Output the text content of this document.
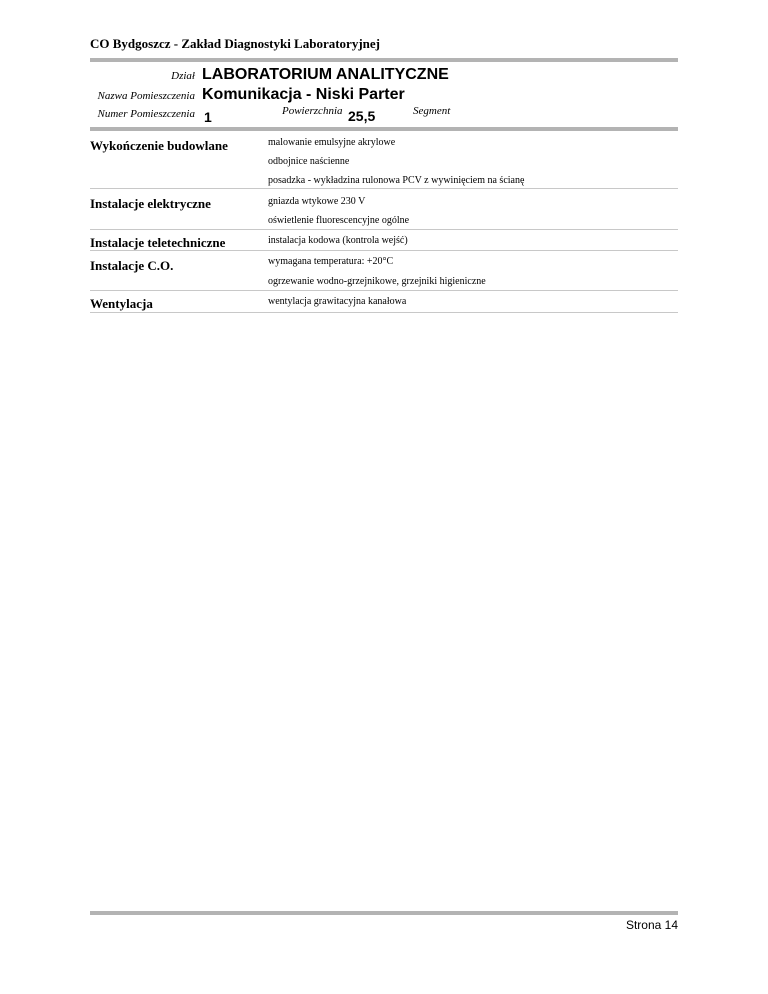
CO Bydgoszcz - Zakład Diagnostyki Laboratoryjnej
Dział LABORATORIUM ANALITYCZNE
Nazwa Pomieszczenia Komunikacja - Niski Parter
Numer Pomieszczenia 1	Powierzchnia 25,5	Segment
Wykończenie budowlane	malowanie emulsyjne akrylowe
odbojnice naścienne
posadzka - wykładzina rulonowa PCV z wywinięciem na ścianę
Instalacje elektryczne	gniazda wtykowe 230 V
oświetlenie fluorescencyjne ogólne
Instalacje teletechniczne	instalacja kodowa (kontrola wejść)
Instalacje C.O.	wymagana temperatura: +20°C
ogrzewanie wodno-grzejnikowe, grzejniki higieniczne
Wentylacja	wentylacja grawitacyjna kanałowa
Strona 14
